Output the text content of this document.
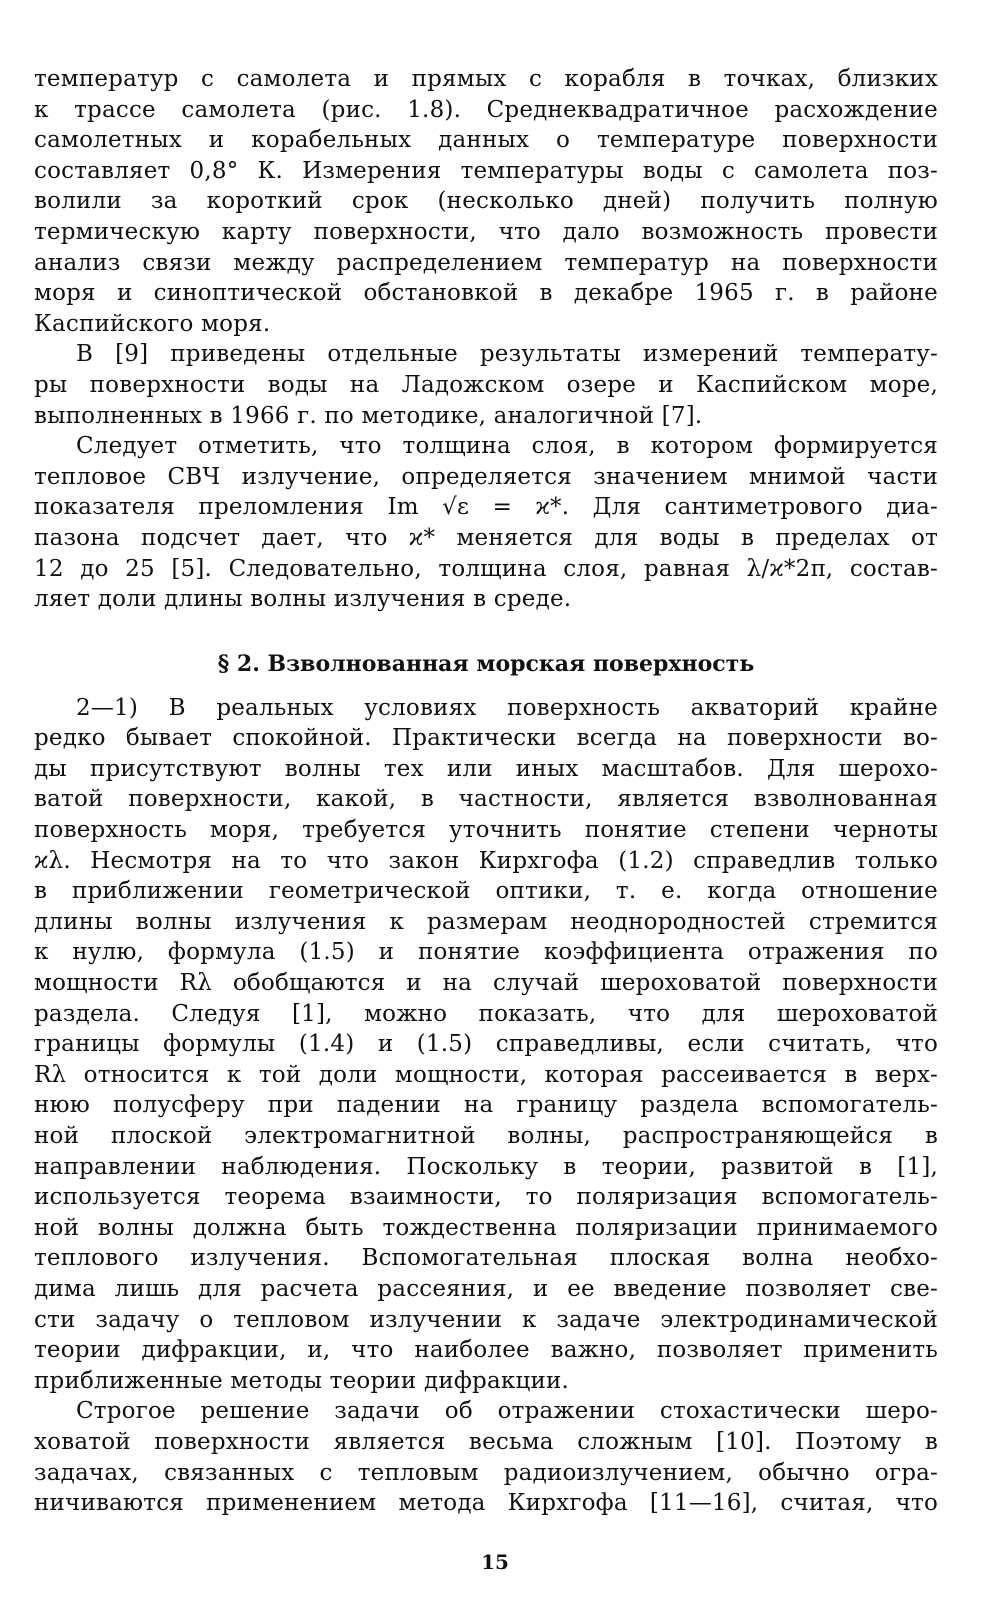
температур с самолета и прямых с корабля в точках, близких
к трассе самолета (рис. 1.8). Среднеквадратичное расхождение
самолетных и корабельных данных о температуре поверхности
составляет 0,8° К. Измерения температуры воды с самолета поз-
волили за короткий срок (несколько дней) получить полную
термическую карту поверхности, что дало возможность провести
анализ связи между распределением температур на поверхности
моря и синоптической обстановкой в декабре 1965 г. в районе
Каспийского моря.

В [9] приведены отдельные результаты измерений температу-
ры поверхности воды на Ладожском озере и Каспийском море,
выполненных в 1966 г. по методике, аналогичной [7].

Следует отметить, что толщина слоя, в котором формируется
тепловое СВЧ излучение, определяется значением мнимой части
показателя преломления Im √ε = ϰ*. Для сантиметрового диа-
пазона подсчет дает, что ϰ* меняется для воды в пределах от
12 до 25 [5]. Следовательно, толщина слоя, равная λ/ϰ*2π, состав-
ляет доли длины волны излучения в среде.

§ 2. Взволнованная морская поверхность

2—1) В реальных условиях поверхность акваторий крайне
редко бывает спокойной. Практически всегда на поверхности во-
ды присутствуют волны тех или иных масштабов. Для шерохо-
ватой поверхности, какой, в частности, является взволнованная
поверхность моря, требуется уточнить понятие степени черноты
ϰλ. Несмотря на то что закон Кирхгофа (1.2) справедлив только
в приближении геометрической оптики, т. е. когда отношение
длины волны излучения к размерам неоднородностей стремится
к нулю, формула (1.5) и понятие коэффициента отражения по
мощности Rλ обобщаются и на случай шероховатой поверхности
раздела. Следуя [1], можно показать, что для шероховатой
границы формулы (1.4) и (1.5) справедливы, если считать, что
Rλ относится к той доли мощности, которая рассеивается в верх-
нюю полусферу при падении на границу раздела вспомогатель-
ной плоской электромагнитной волны, распространяющейся в
направлении наблюдения. Поскольку в теории, развитой в [1],
используется теорема взаимности, то поляризация вспомогатель-
ной волны должна быть тождественна поляризации принимаемого
теплового излучения. Вспомогательная плоская волна необхо-
дима лишь для расчета рассеяния, и ее введение позволяет све-
сти задачу о тепловом излучении к задаче электродинамической
теории дифракции, и, что наиболее важно, позволяет применить
приближенные методы теории дифракции.

Строгое решение задачи об отражении стохастически шеро-
ховатой поверхности является весьма сложным [10]. Поэтому в
задачах, связанных с тепловым радиоизлучением, обычно огра-
ничиваются применением метода Кирхгофа [11—16], считая, что

15
